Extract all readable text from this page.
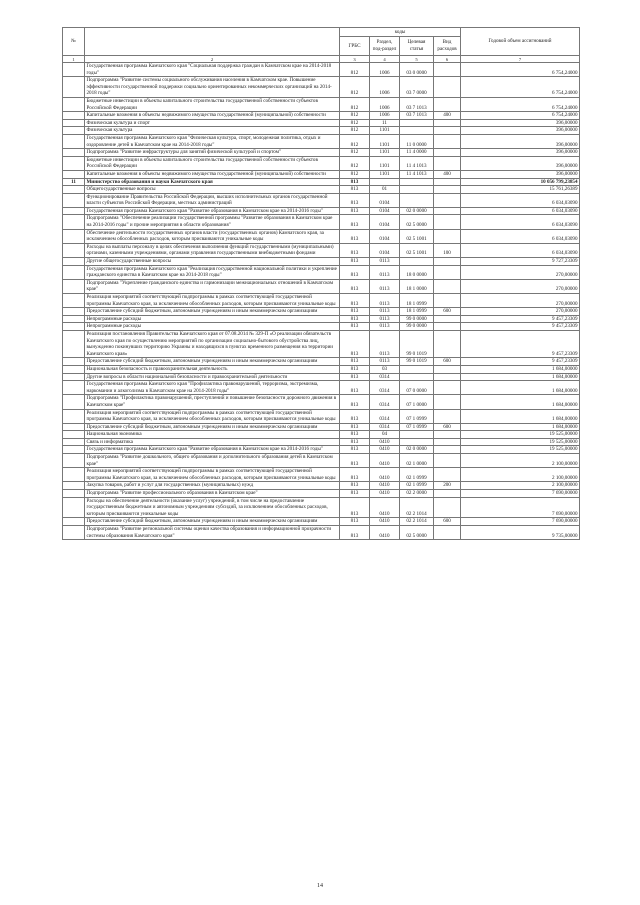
№		коды				Годовой объем ассигнований
		ГРБС	Раздел, под-раздел	Целевая статья	Вид расходов	
1	2	3	4	5	6	7
	Государственная программа Камчатского края "Социальная поддержка граждан в Камчатском крае на 2014-2018 годы"	812	1006	03 0 0000		6 754,24000
	Подпрограмма "Развитие системы социального обслуживания населения в Камчатском крае. Повышение эффективности государственной поддержки социально ориентированных некоммерческих организаций на 2014-2018 годы"	812	1006	03 7 0000		6 754,24000
	Бюджетные инвестиции в объекты капитального строительства государственной собственности субъектов Российской Федерации	812	1006	03 7 1013		6 754,24000
	Капитальные вложения в объекты недвижимого имущества государственной (муниципальной) собственности	812	1006	03 7 1013	400	6 754,24000
	Физическая культура и спорт	812	11			396,00000
	Физическая культура	812	1101			396,00000
	Государственная программа Камчатского края "Физическая культура, спорт, молодежная политика, отдых и оздоровление детей в Камчатском крае на 2014-2018 годы"	812	1101	11 0 0000		396,00000
	Подпрограмма "Развитие инфраструктуры для занятий физической культурой и спортом"	812	1101	11 4 0000		396,00000
	Бюджетные инвестиции в объекты капитального строительства государственной собственности субъектов Российской Федерации	812	1101	11 4 1013		396,00000
	Капитальные вложения в объекты недвижимого имущества государственной (муниципальной) собственности	812	1101	11 4 1013	400	396,00000
11	Министерство образования и науки Камчатского края	813				10 056 799,23854
	Общегосударственные вопросы	813	01			15 761,26389
	Функционирование Правительства Российской Федерации, высших исполнительных органов государственной власти субъектов Российской Федерации, местных администраций	813	0104			6 034,03090
	Государственная программа Камчатского края "Развитие образования в Камчатском крае на 2014-2016 годы"	813	0104	02 0 0000		6 034,03090
	Подпрограмма "Обеспечение реализации государственной программы "Развитие образования в Камчатском крае на 2014-2016 годы" и прочие мероприятия в области образования"	813	0104	02 5 0000		6 034,03090
	Обеспечение деятельности государственных органов власти (государственных органов) Камчатского края, за исключением обособленных расходов, которым присваиваются уникальные коды	813	0104	02 5 1001		6 034,03090
	Расходы на выплаты персоналу в целях обеспечения выполнения функций государственными (муниципальными) органами, казенными учреждениями, органами управления государственными внебюджетными фондами	813	0104	02 5 1001	100	6 034,03090
	Другие общегосударственные вопросы	813	0113			9 727,23309
	Государственная программа Камчатского края "Реализация государственной национальной политики и укрепление гражданского единства в Камчатском крае на 2014-2018 годы"	813	0113	18 0 0000		270,00000
	Подпрограмма "Укрепление гражданского единства и гармонизации межнациональных отношений в Камчатском крае"	813	0113	18 1 0000		270,00000
	Реализация мероприятий соответствующей подпрограммы в рамках соответствующей государственной программы Камчатского края, за исключением обособленных расходов, которым присваиваются уникальные коды	813	0113	18 1 0999		270,00000
	Предоставление субсидий бюджетным, автономным учреждениям и иным некоммерческим организациям	813	0113	18 1 0999	600	270,00000
	Непрограммные расходы	813	0113	99 0 0000		9 457,23309
	Непрограммные расходы	813	0113	99 0 0000		9 457,23309
	Реализация постановления Правительства Камчатского края от 07.08.2014 № 329-П «О реализации обязательств Камчатского края по осуществлению мероприятий по организации социально-бытового обустройства лиц, вынужденно покинувших территорию Украины и находящихся в пунктах временного размещения на территории Камчатского края»	813	0113	99 0 1019		9 457,23309
	Предоставление субсидий бюджетным, автономным учреждениям и иным некоммерческим организациям	813	0113	99 0 1019	600	9 457,23309
	Национальная безопасность и правоохранительная деятельность	813	03			1 684,00000
	Другие вопросы в области национальной безопасности и правоохранительной деятельности	813	0314			1 684,00000
	Государственная программа Камчатского края "Профилактика правонарушений, терроризма, экстремизма, наркомании и алкоголизма в Камчатском крае на 2014-2018 годы"	813	0314	07 0 0000		1 684,00000
	Подпрограмма "Профилактика правонарушений, преступлений и повышение безопасности дорожного движения в Камчатском крае"	813	0314	07 1 0000		1 684,00000
	Реализация мероприятий соответствующей подпрограммы в рамках соответствующей государственной программы Камчатского края, за исключением обособленных расходов, которым присваиваются уникальные коды	813	0314	07 1 0999		1 684,00000
	Предоставление субсидий бюджетным, автономным учреждениям и иным некоммерческим организациям	813	0314	07 1 0999	600	1 684,00000
	Национальная экономика	813	04			19 525,00000
	Связь и информатика	813	0410			19 525,00000
	Государственная программа Камчатского края "Развитие образования в Камчатском крае на 2014-2016 годы"	813	0410	02 0 0000		19 525,00000
	Подпрограмма "Развитие дошкольного, общего образования и дополнительного образования детей в Камчатском крае"	813	0410	02 1 0000		2 100,00000
	Реализация мероприятий соответствующей подпрограммы в рамках соответствующей государственной программы Камчатского края, за исключением обособленных расходов, которым присваиваются уникальные коды	813	0410	02 1 0999		2 100,00000
	Закупка товаров, работ и услуг для государственных (муниципальных) нужд	813	0410	02 1 0999	200	2 100,00000
	Подпрограмма "Развитие профессионального образования в Камчатском крае"	813	0410	02 2 0000		7 690,00000
	Расходы на обеспечение деятельности (оказание услуг) учреждений, в том числе на предоставление государственным бюджетным и автономным учреждениям субсидий, за исключением обособленных расходов, которым присваиваются уникальные коды	813	0410	02 2 1014		7 690,00000
	Предоставление субсидий бюджетным, автономным учреждениям и иным некоммерческим организациям	813	0410	02 2 1014	600	7 690,00000
	Подпрограмма "Развитие региональной системы оценки качества образования и информационной прозрачности системы образования Камчатского края"	813	0410	02 5 0000		9 735,00000
14
